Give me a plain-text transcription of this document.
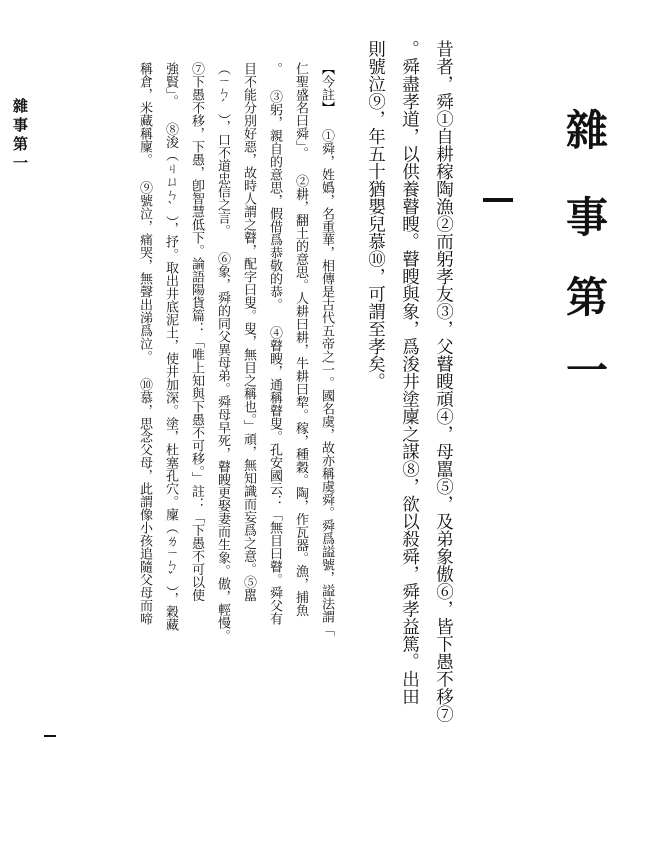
雜
事
第
一
昔者，舜①自耕稼陶漁②而躬孝友③，父瞽瞍頑④，母嚚⑤，及弟象傲⑥，皆下愚不移⑦
。舜盡孝道，以供養瞽瞍。瞽瞍與象，爲浚井塗廩之謀⑧，欲以殺舜，舜孝益篤。出田
則號泣⑨，年五十猶嬰兒慕⑩，可謂至孝矣。
【今註】 ①舜，姓嬀，名重華，相傳是古代五帝之一。國名虞，故亦稱虞舜。舜爲謚號，謚法謂「
仁聖盛名曰舜」。 ②耕，翻土的意思。人耕曰耕，牛耕曰犂。稼，種穀。陶，作瓦器。漁，捕魚
。 ③躬，親自的意思，假借爲恭敬的恭。 ④瞽瞍，通稱瞽叟。孔安國云：「無目曰瞽。舜父有
目不能分別好惡，故時人謂之瞽，配字曰叟。叟，無目之稱也。」頑，無知識而妄爲之意。⑤嚚
（ㄧㄣˊ），口不道忠信之言。 ⑥象，舜的同父異母弟。舜母早死，瞽瞍更娶妻而生象。傲，輕慢。
⑦下愚不移，下愚，卽智慧低下。論語陽貨篇：「唯上知與下愚不可移。」註：「下愚不可以使
強賢」。 ⑧浚（ㄐㄩㄣˋ），抒。取出井底泥土，使井加深。塗，杜塞孔穴。廩（ㄌㄧㄣˇ），穀藏
稱倉，米藏稱廩。 ⑨號泣，痛哭，無聲出涕爲泣。 ⑩慕，思念父母，此謂像小孩追隨父母而啼
雜事第一
